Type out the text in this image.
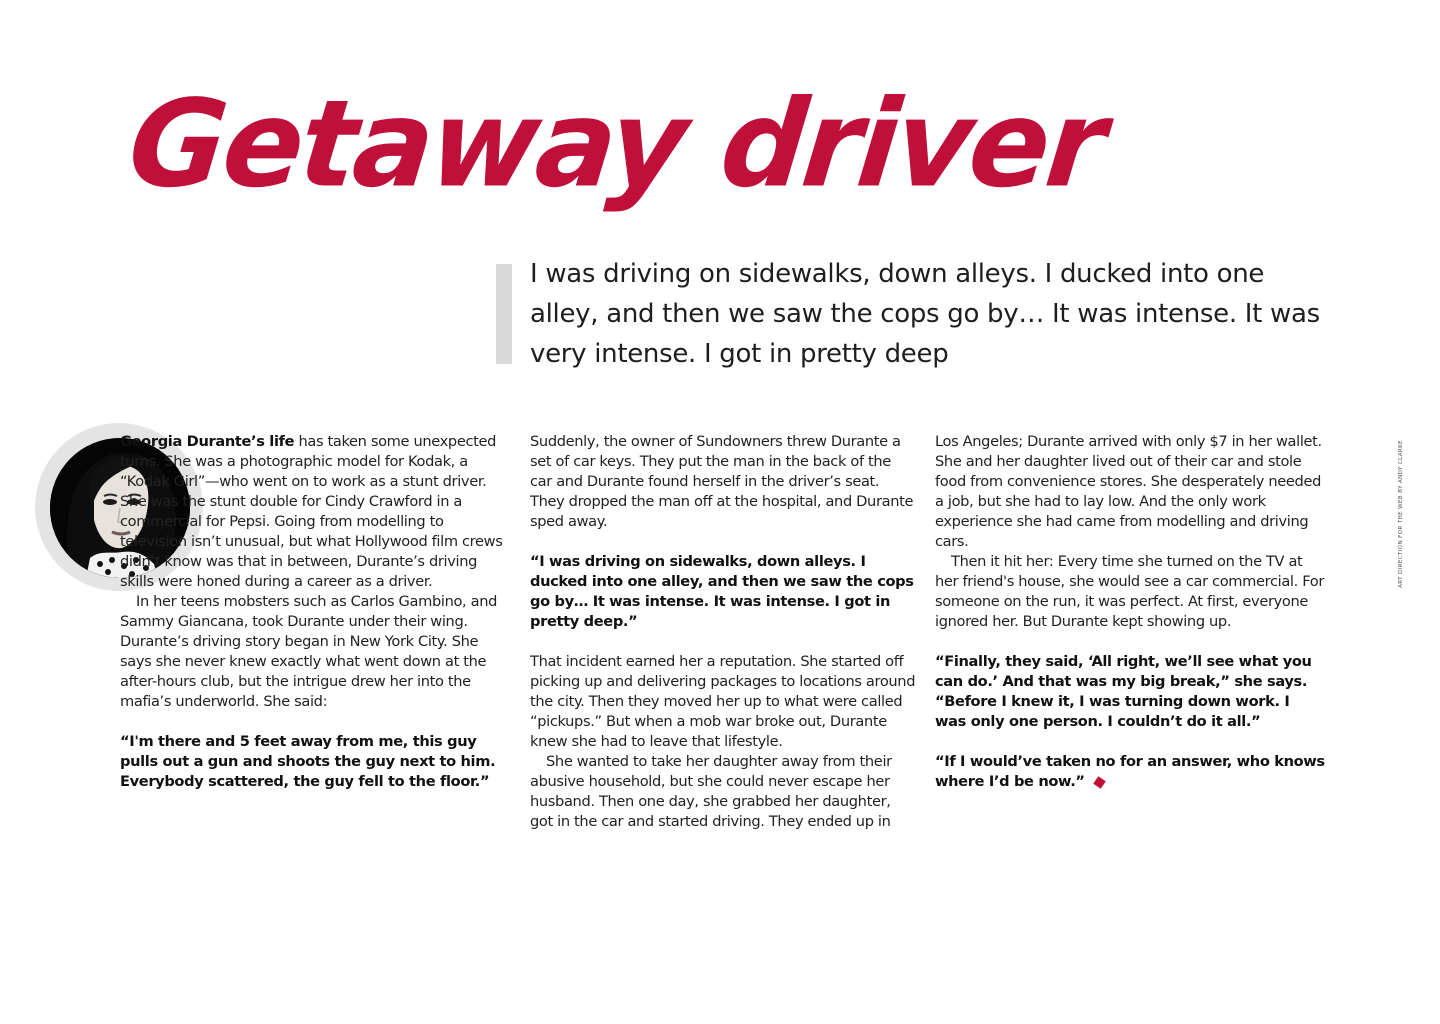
Getaway driver

I was driving on sidewalks, down alleys. I ducked into one alley, and then we saw the cops go by… It was intense. It was very intense. I got in pretty deep

Georgia Durante’s life has taken some unexpected turns. She was a photographic model for Kodak, a “Kodak Girl”—who went on to work as a stunt driver. She was the stunt double for Cindy Crawford in a commercial for Pepsi. Going from modelling to television isn’t unusual, but what Hollywood film crews didn’t know was that in between, Durante’s driving skills were honed during a career as a driver.

In her teens mobsters such as Carlos Gambino, and Sammy Giancana, took Durante under their wing. Durante’s driving story began in New York City. She says she never knew exactly what went down at the after-hours club, but the intrigue drew her into the mafia’s underworld. She said:

“I'm there and 5 feet away from me, this guy pulls out a gun and shoots the guy next to him. Everybody scattered, the guy fell to the floor.”

Suddenly, the owner of Sundowners threw Durante a set of car keys. They put the man in the back of the car and Durante found herself in the driver’s seat. They dropped the man off at the hospital, and Durante sped away.

“I was driving on sidewalks, down alleys. I ducked into one alley, and then we saw the cops go by… It was intense. It was intense. I got in pretty deep.”

That incident earned her a reputation. She started off picking up and delivering packages to locations around the city. Then they moved her up to what were called “pickups.” But when a mob war broke out, Durante knew she had to leave that lifestyle.

She wanted to take her daughter away from their abusive household, but she could never escape her husband. Then one day, she grabbed her daughter, got in the car and started driving. They ended up in

Los Angeles; Durante arrived with only $7 in her wallet. She and her daughter lived out of their car and stole food from convenience stores. She desperately needed a job, but she had to lay low. And the only work experience she had came from modelling and driving cars.

Then it hit her: Every time she turned on the TV at her friend's house, she would see a car commercial. For someone on the run, it was perfect. At first, everyone ignored her. But Durante kept showing up.

“Finally, they said, ‘All right, we’ll see what you can do.’ And that was my big break,” she says. “Before I knew it, I was turning down work. I was only one person. I couldn’t do it all.”

“If I would’ve taken no for an answer, who knows where I’d be now.”

ART DIRECTION FOR THE WEB BY ANDY CLARKE
